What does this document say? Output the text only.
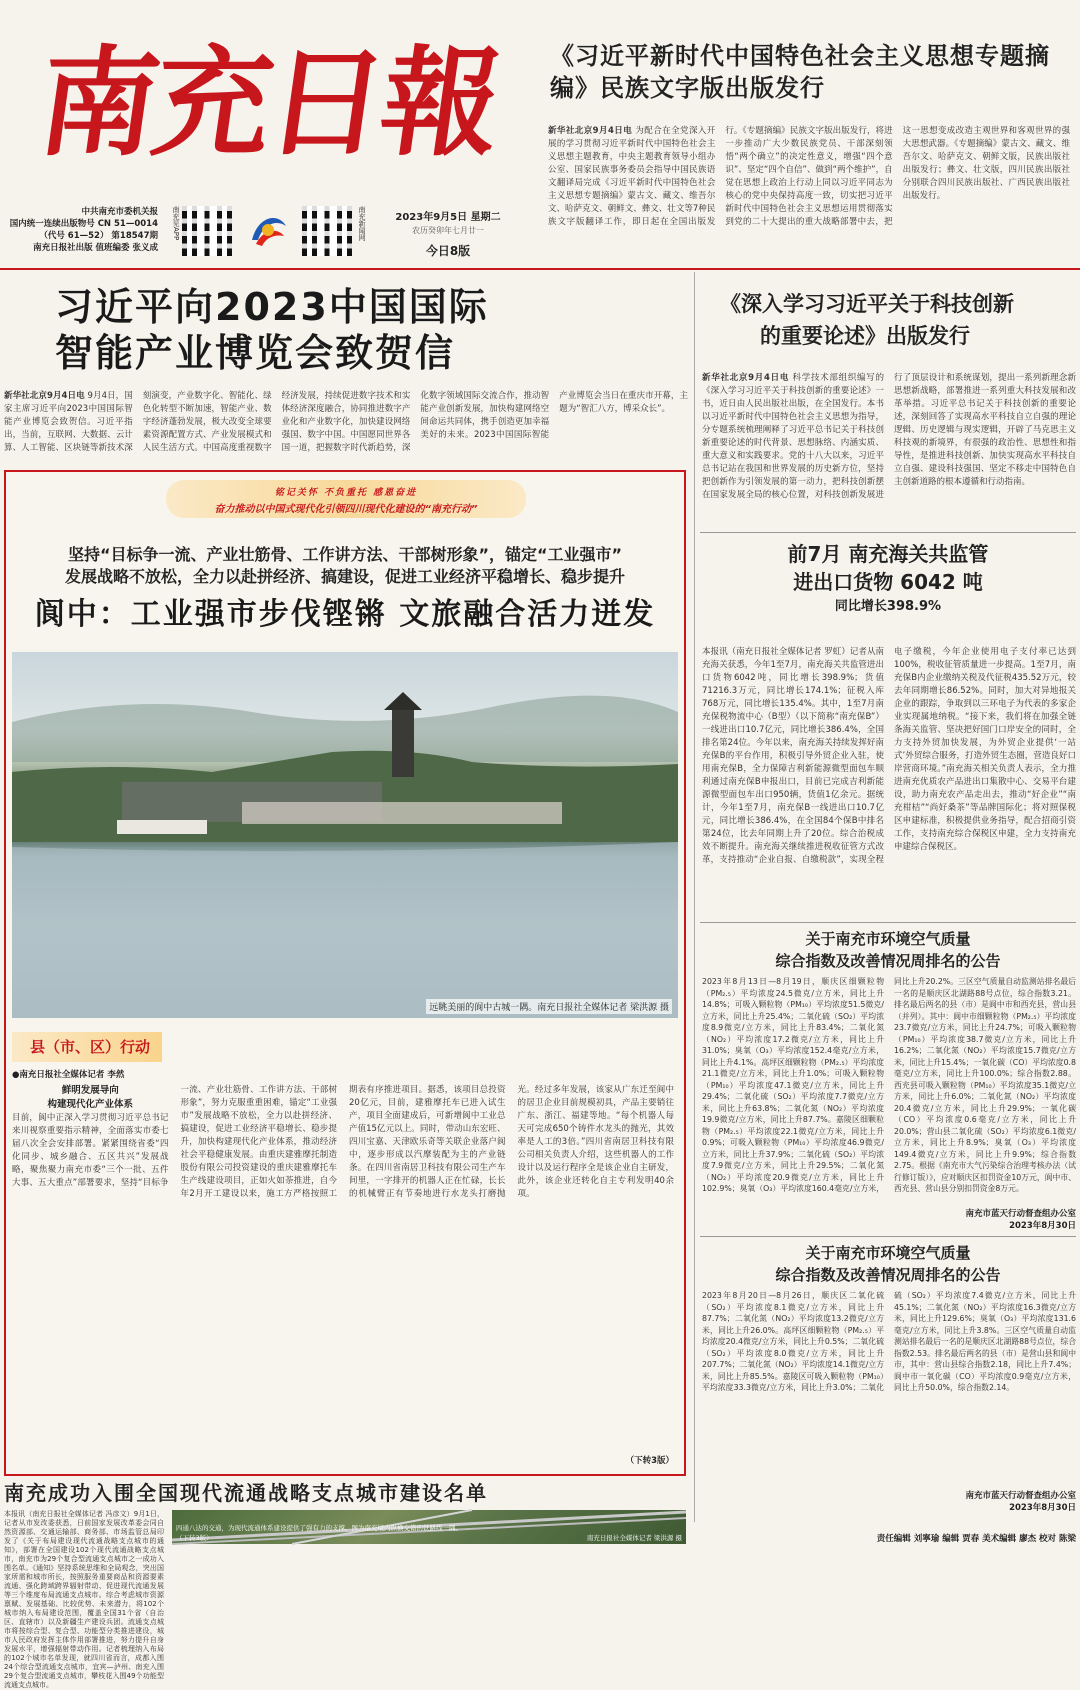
南充日報
中共南充市委机关报
国内统一连续出版物号 CN 51—0014
（代号 61—52） 第18547期
南充日报社出版 值班编委 张义成
南充见APP	南充新闻网	2023年9月5日 星期二
农历癸卯年七月廿一
今日8版
《习近平新时代中国特色社会主义思想专题摘编》民族文字版出版发行
新华社北京9月4日电 为配合在全党深入开展的学习贯彻习近平新时代中国特色社会主义思想主题教育，中央主题教育领导小组办公室、国家民族事务委员会指导中国民族语文翻译局完成《习近平新时代中国特色社会主义思想专题摘编》蒙古文、藏文、维吾尔文、哈萨克文、朝鲜文、彝文、壮文等7种民族文字版翻译工作，即日起在全国出版发行。《专题摘编》民族文字版出版发行，将进一步推动广大少数民族党员、干部深刻领悟“两个确立”的决定性意义，增强“四个意识”、坚定“四个自信”、做到“两个维护”，自觉在思想上政治上行动上同以习近平同志为核心的党中央保持高度一致，切实把习近平新时代中国特色社会主义思想运用贯彻落实到党的二十大提出的重大战略部署中去，把这一思想变成改造主观世界和客观世界的强大思想武器。《专题摘编》蒙古文、藏文、维吾尔文、哈萨克文、朝鲜文版，民族出版社出版发行；彝文、壮文版，四川民族出版社分别联合四川民族出版社、广西民族出版社出版发行。
习近平向2023中国国际
智能产业博览会致贺信
新华社北京9月4日电 9月4日，国家主席习近平向2023中国国际智能产业博览会致贺信。习近平指出，当前，互联网、大数据、云计算、人工智能、区块链等新技术深刻演变，产业数字化、智能化、绿色化转型不断加速，智能产业、数字经济蓬勃发展，极大改变全球要素资源配置方式、产业发展模式和人民生活方式。中国高度重视数字经济发展，持续促进数字技术和实体经济深度融合，协同推进数字产业化和产业数字化，加快建设网络强国、数字中国。中国愿同世界各国一道，把握数字时代新趋势，深化数字领域国际交流合作，推动智能产业创新发展，加快构建网络空间命运共同体，携手创造更加幸福美好的未来。2023中国国际智能产业博览会当日在重庆市开幕，主题为“智汇八方，博采众长”。
铭记关怀 不负重托 感恩奋进
奋力推动以中国式现代化引领四川现代化建设的“南充行动”
坚持“目标争一流、产业壮筋骨、工作讲方法、干部树形象”，锚定“工业强市”
发展战略不放松，全力以赴拼经济、搞建设，促进工业经济平稳增长、稳步提升
阆中：工业强市步伐铿锵 文旅融合活力迸发
远眺美丽的阆中古城一隅。南充日报社全媒体记者 梁洪源 摄
县（市、区）行动
●南充日报社全媒体记者 李然
鲜明发展导向
构建现代化产业体系
目前，阆中正深入学习贯彻习近平总书记来川视察重要指示精神，全面落实市委七届八次全会安排部署。紧紧围绕省委“四化同步、城乡融合、五区共兴”发展战略，聚焦聚力南充市委“三个一批、五件大事、五大重点”部署要求，坚持“目标争一流、产业壮筋骨、工作讲方法、干部树形象”，努力克服重重困难，锚定“工业强市”发展战略不放松，全力以赴拼经济、搞建设，促进工业经济平稳增长、稳步提升，加快构建现代化产业体系，推动经济社会平稳健康发展。由重庆建雅摩托制造股份有限公司投资建设的重庆建雅摩托车生产线建设项目，正如火如荼推进，自今年2月开工建设以来，施工方严格按照工期表有序推进项目。据悉，该项目总投资20亿元，目前，建雅摩托车已进入试生产，项目全面建成后，可新增阆中工业总产值15亿元以上。同时，带动山东宏旺、四川宝嘉、天津欧乐奇等关联企业落户阆中，逐步形成以汽摩装配为主的产业链条。在四川省南居卫科技有限公司生产车间里，一字排开的机器人正在忙碌，长长的机械臂正有节奏地进行水龙头打磨抛光。经过多年发展，该家从广东迁至阆中的居卫企业目前规模初具，产品主要销往广东、浙江、福建等地。“每个机器人每天可完成650个铸件水龙头的抛光，其效率是人工的3倍。”四川省南居卫科技有限公司相关负责人介绍，这些机器人的工作设计以及运行程序全是该企业自主研发，此外，该企业还转化自主专利发明40余项。
（下转3版）
南充成功入围全国现代流通战略支点城市建设名单
本报讯（南充日报社全媒体记者 冯彦文）9月1日，记者从市发改委获悉，日前国家发展改革委会同自然资源部、交通运输部、商务部、市场监管总局印发了《关于布局建设现代流通战略支点城市的通知》，部署在全国建设102个现代流通战略支点城市，南充市为29个复合型流通支点城市之一成功入围名单。《通知》坚持系统思维和全局观念，突出国家所需和城市所长，按照服务重要商品和资源要素流通、强化跨域跨界辐射带动、促进现代流通发展等三个维度布局流通支点城市。综合考虑城市资源禀赋、发展基础、比较优势、未来潜力，将102个城市纳入布局建设范围，覆盖全国31个省（自治区、直辖市）以及新疆生产建设兵团。流通支点城市将按综合型、复合型、功能型分类推进建设，城市人民政府发挥主体作用部署推进，努力提升自身发展水平，增强辐射带动作用。记者梳理纳入布局的102个城市名单发现，就四川省而言，成都入围24个综合型流通支点城市，宜宾—泸州、南充入围29个复合型流通支点城市，攀枝花入围49个功能型流通支点城市。
四通八达的交通，为现代流通体系建设提供了强有力的支撑。图为南充境内纵横交错的铁路线一隅。
南充日报社全媒体记者 梁洪源 摄
（下转3版）
《深入学习习近平关于科技创新
的重要论述》出版发行
新华社北京9月4日电 科学技术部组织编写的《深入学习习近平关于科技创新的重要论述》一书，近日由人民出版社出版，在全国发行。本书以习近平新时代中国特色社会主义思想为指导，分专题系统梳理阐释了习近平总书记关于科技创新重要论述的时代背景、思想脉络、内涵实质、重大意义和实践要求。党的十八大以来，习近平总书记站在我国和世界发展的历史新方位，坚持把创新作为引领发展的第一动力，把科技创新摆在国家发展全局的核心位置，对科技创新发展进行了顶层设计和系统谋划，提出一系列新理念新思想新战略，部署推进一系列重大科技发展和改革举措。习近平总书记关于科技创新的重要论述，深刻回答了实现高水平科技自立自强的理论逻辑、历史逻辑与现实逻辑，开辟了马克思主义科技观的新境界，有很强的政治性、思想性和指导性，是推进科技创新、加快实现高水平科技自立自强、建设科技强国、坚定不移走中国特色自主创新道路的根本遵循和行动指南。
前7月 南充海关共监管
进出口货物 6042 吨
同比增长398.9%
本报讯（南充日报社全媒体记者 罗虹）记者从南充海关获悉，今年1至7月，南充海关共监管进出口货物6042吨，同比增长398.9%；货值71216.3万元，同比增长174.1%；征税入库768万元，同比增长135.4%。其中，1至7月南充保税物流中心（B型）（以下简称“南充保B”）一线进出口10.7亿元，同比增长386.4%，全国排名第24位。今年以来，南充海关持续发挥好南充保B的平台作用，积极引导外贸企业入驻，使用南充保B，全力保障吉利新能源微型面包车顺利通过南充保B申报出口，目前已完成吉利新能源微型面包车出口950辆，货值1亿余元。据统计，今年1至7月，南充保B一线进出口10.7亿元，同比增长386.4%，在全国84个保B中排名第24位，比去年同期上升了20位。综合治税成效不断提升。南充海关继续推进税收征管方式改革，支持推动“企业自报、自缴税款”，实现全程电子缴税，今年企业使用电子支付率已达到100%，税收征管质量进一步提高。1至7月，南充保B内企业缴纳关税及代征税435.52万元，较去年同期增长86.52%。同时，加大对异地报关企业的跟踪，争取到以三环电子为代表的多家企业实现属地纳税。“接下来，我们将在加强全链条海关监管、坚决把好国门口岸安全的同时，全力支持外贸加快发展，为外贸企业提供‘一站式’外贸综合服务，打造外贸生态圈，营造良好口岸营商环境。”南充海关相关负责人表示，全力推进南充优质农产品进出口集散中心、交易平台建设，助力南充农产品走出去，推动“好企业”“南充柑桔”“尚好桑茶”等品牌国际化；将对照保税区申建标准，积极提供业务指导，配合招商引资工作，支持南充综合保税区申建，全力支持南充申建综合保税区。
关于南充市环境空气质量
综合指数及改善情况周排名的公告
2023年8月13日—8月19日，顺庆区细颗粒物（PM₂.₅）平均浓度24.5微克/立方米，同比上升14.8%；可吸入颗粒物（PM₁₀）平均浓度51.5微克/立方米，同比上升25.4%；二氧化硫（SO₂）平均浓度8.9微克/立方米，同比上升83.4%；二氧化氮（NO₂）平均浓度17.2微克/立方米，同比上升31.0%；臭氧（O₃）平均浓度152.4毫克/立方米，同比上升4.1%。高坪区细颗粒物（PM₂.₅）平均浓度21.1微克/立方米，同比上升1.0%；可吸入颗粒物（PM₁₀）平均浓度47.1微克/立方米，同比上升29.4%；二氧化硫（SO₂）平均浓度7.7微克/立方米，同比上升63.8%；二氧化氮（NO₂）平均浓度19.9微克/立方米，同比上升87.7%。嘉陵区细颗粒物（PM₂.₅）平均浓度22.1微克/立方米，同比上升0.9%；可吸入颗粒物（PM₁₀）平均浓度46.9微克/立方米，同比上升37.9%；二氧化硫（SO₂）平均浓度7.9微克/立方米，同比上升29.5%；二氧化氮（NO₂）平均浓度20.9微克/立方米，同比上升102.9%；臭氧（O₃）平均浓度160.4毫克/立方米，同比上升20.2%。三区空气质量自动监测站排名最后一名的是顺庆区北湖路88号点位，综合指数3.21。排名最后两名的县（市）是阆中市和西充县，营山县（并列）。其中：阆中市细颗粒物（PM₂.₅）平均浓度23.7微克/立方米，同比上升24.7%；可吸入颗粒物（PM₁₀）平均浓度38.7微克/立方米，同比上升16.2%；二氧化氮（NO₂）平均浓度15.7微克/立方米，同比上升15.4%；一氧化碳（CO）平均浓度0.8毫克/立方米，同比上升100.0%；综合指数2.88。西充县可吸入颗粒物（PM₁₀）平均浓度35.1微克/立方米，同比上升6.0%；二氧化氮（NO₂）平均浓度20.4微克/立方米，同比上升29.9%；一氧化碳（CO）平均浓度0.6毫克/立方米，同比上升20.0%；营山县二氧化硫（SO₂）平均浓度6.1微克/立方米，同比上升8.9%；臭氧（O₃）平均浓度149.4微克/立方米，同比上升9.9%；综合指数2.75。根据《南充市大气污染综合治理考核办法（试行修订版）》，应对顺庆区扣罚资金10万元，阆中市、西充县、营山县分别扣罚资金8万元。
南充市蓝天行动督查组办公室
2023年8月30日
关于南充市环境空气质量
综合指数及改善情况周排名的公告
2023年8月20日—8月26日，顺庆区二氧化硫（SO₂）平均浓度8.1微克/立方米，同比上升87.7%；二氧化氮（NO₂）平均浓度13.2微克/立方米，同比上升26.0%。高坪区细颗粒物（PM₂.₅）平均浓度20.4微克/立方米，同比上升0.5%；二氧化硫（SO₂）平均浓度8.0微克/立方米，同比上升207.7%；二氧化氮（NO₂）平均浓度14.1微克/立方米，同比上升85.5%。嘉陵区可吸入颗粒物（PM₁₀）平均浓度33.3微克/立方米，同比上升3.0%；二氧化硫（SO₂）平均浓度7.4微克/立方米，同比上升45.1%；二氧化氮（NO₂）平均浓度16.3微克/立方米，同比上升129.6%；臭氧（O₃）平均浓度131.6毫克/立方米，同比上升3.8%。三区空气质量自动监测站排名最后一名的是顺庆区北湖路88号点位，综合指数2.53。排名最后两名的县（市）是营山县和阆中市，其中：营山县综合指数2.18，同比上升7.4%；阆中市一氧化碳（CO）平均浓度0.9毫克/立方米，同比上升50.0%，综合指数2.14。
南充市蓝天行动督查组办公室
2023年8月30日
责任编辑 刘寧瑜 编辑 贾春 美术编辑 廖杰 校对 陈梁
